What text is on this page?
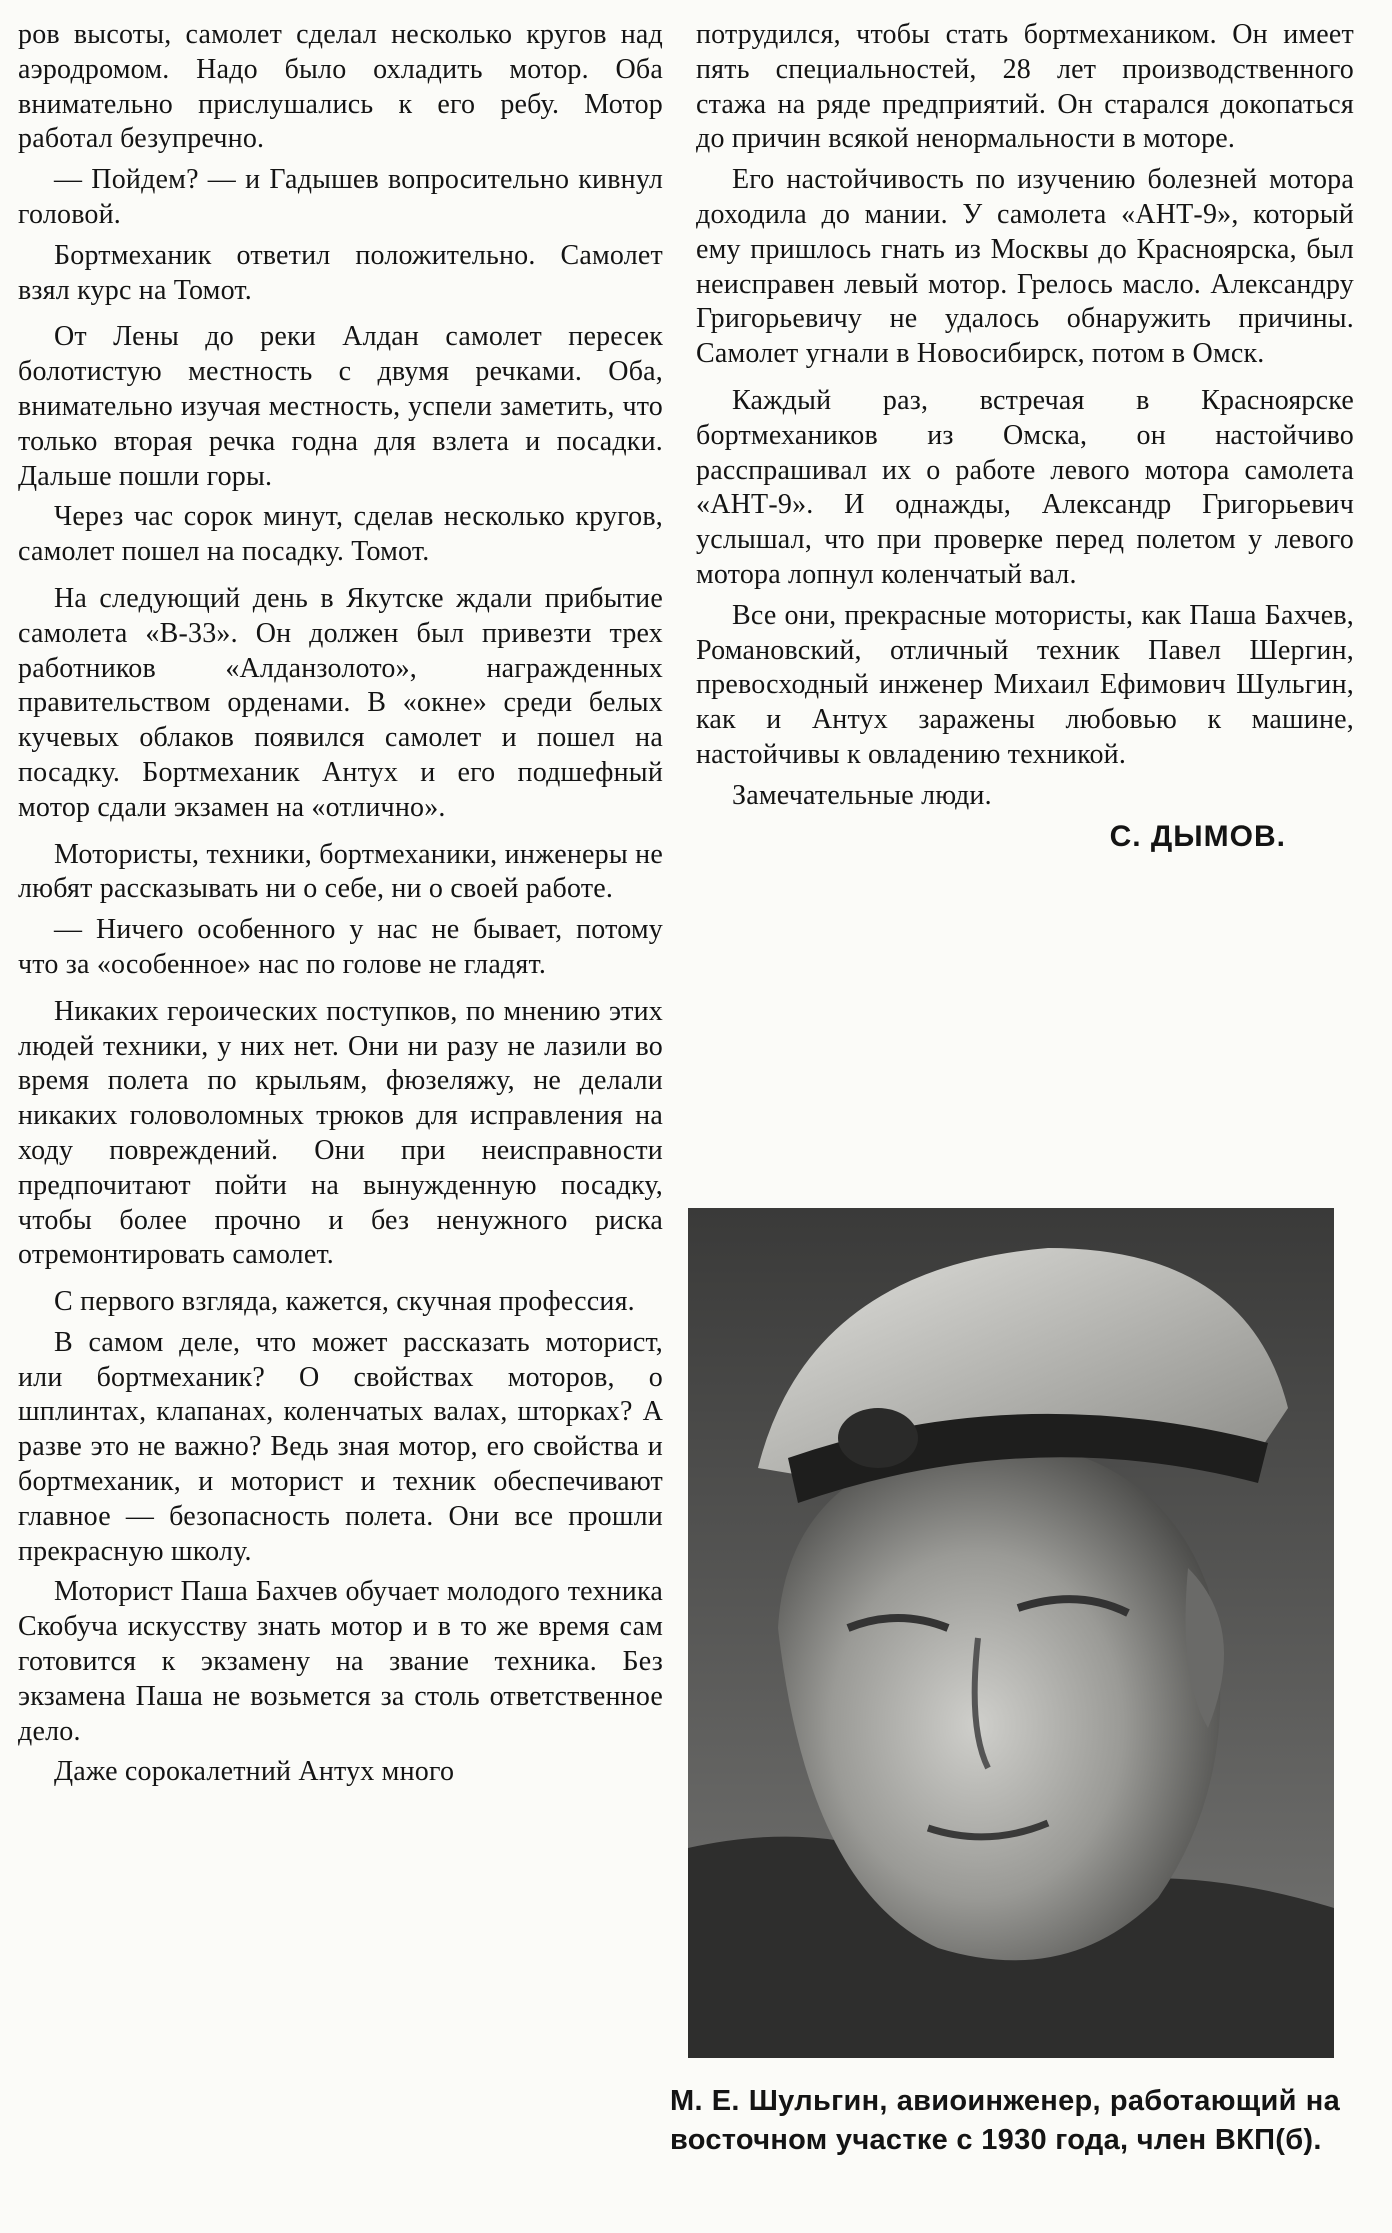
ров высоты, самолет сделал несколько кругов над аэродромом. Надо было охладить мотор. Оба внимательно прислушались к его ребу. Мотор работал безупречно.

— Пойдем? — и Гадышев вопросительно кивнул головой.

Бортмеханик ответил положительно. Самолет взял курс на Томот.

От Лены до реки Алдан самолет пересек болотистую местность с двумя речками. Оба, внимательно изучая местность, успели заметить, что только вторая речка годна для взлета и посадки. Дальше пошли горы.

Через час сорок минут, сделав несколько кругов, самолет пошел на посадку. Томот.

На следующий день в Якутске ждали прибытие самолета «В-33». Он должен был привезти трех работников «Алданзолото», награжденных правительством орденами. В «окне» среди белых кучевых облаков появился самолет и пошел на посадку. Бортмеханик Антух и его подшефный мотор сдали экзамен на «отлично».

Мотористы, техники, бортмеханики, инженеры не любят рассказывать ни о себе, ни о своей работе.

— Ничего особенного у нас не бывает, потому что за «особенное» нас по голове не гладят.

Никаких героических поступков, по мнению этих людей техники, у них нет. Они ни разу не лазили во время полета по крыльям, фюзеляжу, не делали никаких головоломных трюков для исправления на ходу повреждений. Они при неисправности предпочитают пойти на вынужденную посадку, чтобы более прочно и без ненужного риска отремонтировать самолет.

С первого взгляда, кажется, скучная профессия.

В самом деле, что может рассказать моторист, или бортмеханик? О свойствах моторов, о шплинтах, клапанах, коленчатых валах, шторках? А разве это не важно? Ведь зная мотор, его свойства и бортмеханик, и моторист и техник обеспечивают главное — безопасность полета. Они все прошли прекрасную школу.

Моторист Паша Бахчев обучает молодого техника Скобуча искусству знать мотор и в то же время сам готовится к экзамену на звание техника. Без экзамена Паша не возьмется за столь ответственное дело.

Даже сорокалетний Антух много

потрудился, чтобы стать бортмехаником. Он имеет пять специальностей, 28 лет производственного стажа на ряде предприятий. Он старался докопаться до причин всякой ненормальности в моторе.

Его настойчивость по изучению болезней мотора доходила до мании. У самолета «АНТ-9», который ему пришлось гнать из Москвы до Красноярска, был неисправен левый мотор. Грелось масло. Александру Григорьевичу не удалось обнаружить причины. Самолет угнали в Новосибирск, потом в Омск.

Каждый раз, встречая в Красноярске бортмехаников из Омска, он настойчиво расспрашивал их о работе левого мотора самолета «АНТ-9». И однажды, Александр Григорьевич услышал, что при проверке перед полетом у левого мотора лопнул коленчатый вал.

Все они, прекрасные мотористы, как Паша Бахчев, Романовский, отличный техник Павел Шергин, превосходный инженер Михаил Ефимович Шульгин, как и Антух заражены любовью к машине, настойчивы к овладению техникой.

Замечательные люди.

С. ДЫМОВ.
М. Е. Шульгин, авиоинженер, работающий на восточном участке с 1930 года, член ВКП(б).
